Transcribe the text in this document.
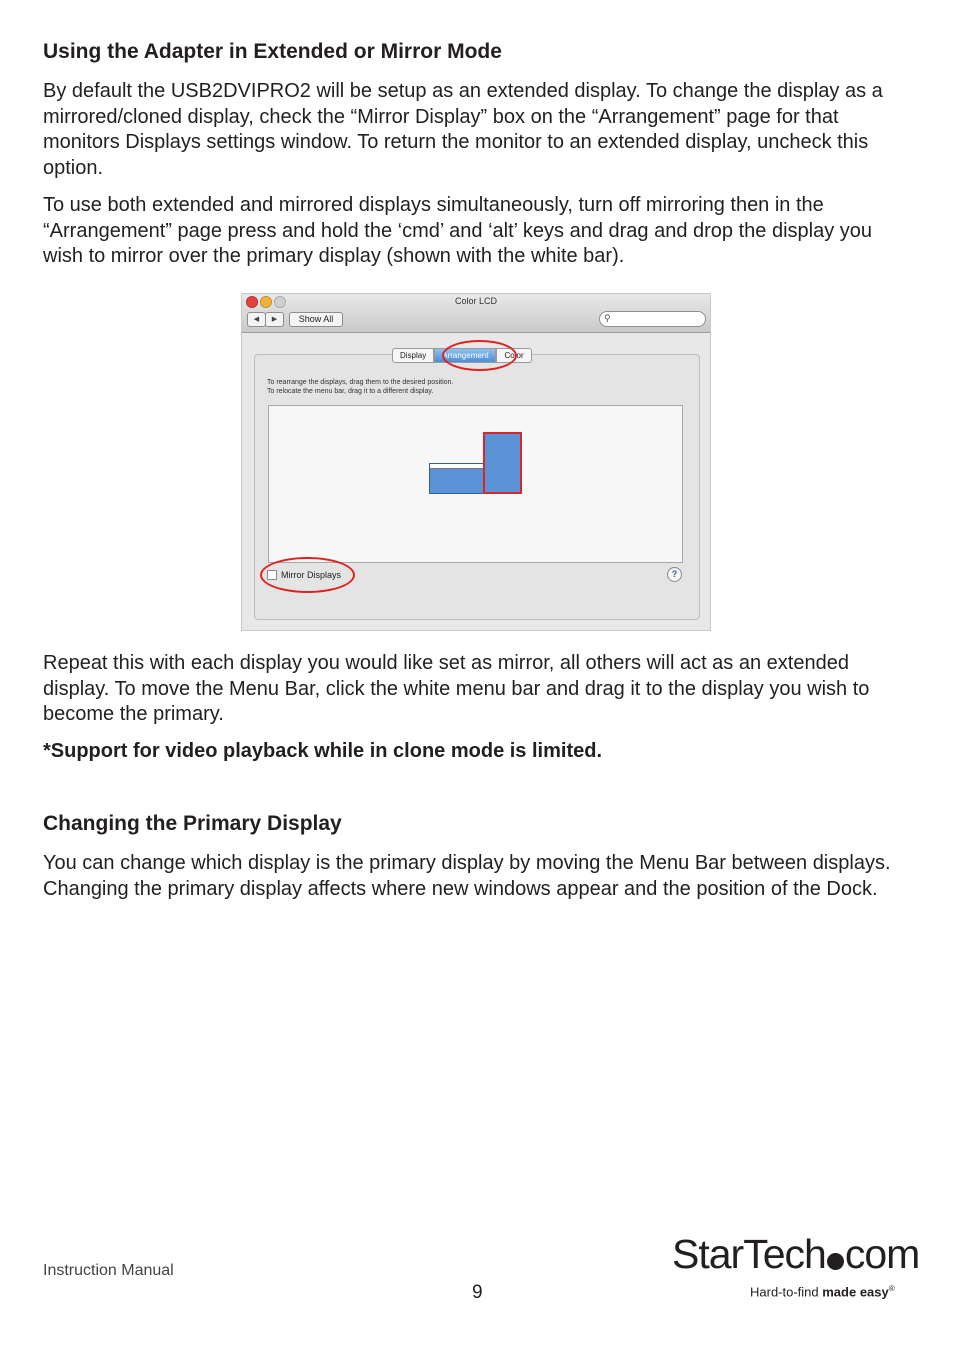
Using the Adapter in Extended or Mirror Mode

By default the USB2DVIPRO2 will be setup as an extended display. To change the display as a mirrored/cloned display, check the “Mirror Display” box on the “Arrangement” page for that monitors Displays settings window. To return the monitor to an extended display, uncheck this option.

To use both extended and mirrored displays simultaneously, turn off mirroring then in the “Arrangement” page press and hold the ‘cmd’ and ‘alt’ keys and drag and drop the display you wish to mirror over the primary display (shown with the white bar).

Repeat this with each display you would like set as mirror, all others will act as an extended display. To move the Menu Bar, click the white menu bar and drag it to the display you wish to become the primary.

*Support for video playback while in clone mode is limited.

Changing the Primary Display

You can change which display is the primary display by moving the Menu Bar between displays. Changing the primary display affects where new windows appear and the position of the Dock.

Color LCD
◀	▶	Show All	⚲
Display	Arrangement	Color
To rearrange the displays, drag them to the desired position.
To relocate the menu bar, drag it to a different display.
Mirror Displays	?
Instruction Manual
9
StarTech com
Hard-to-find made easy®
